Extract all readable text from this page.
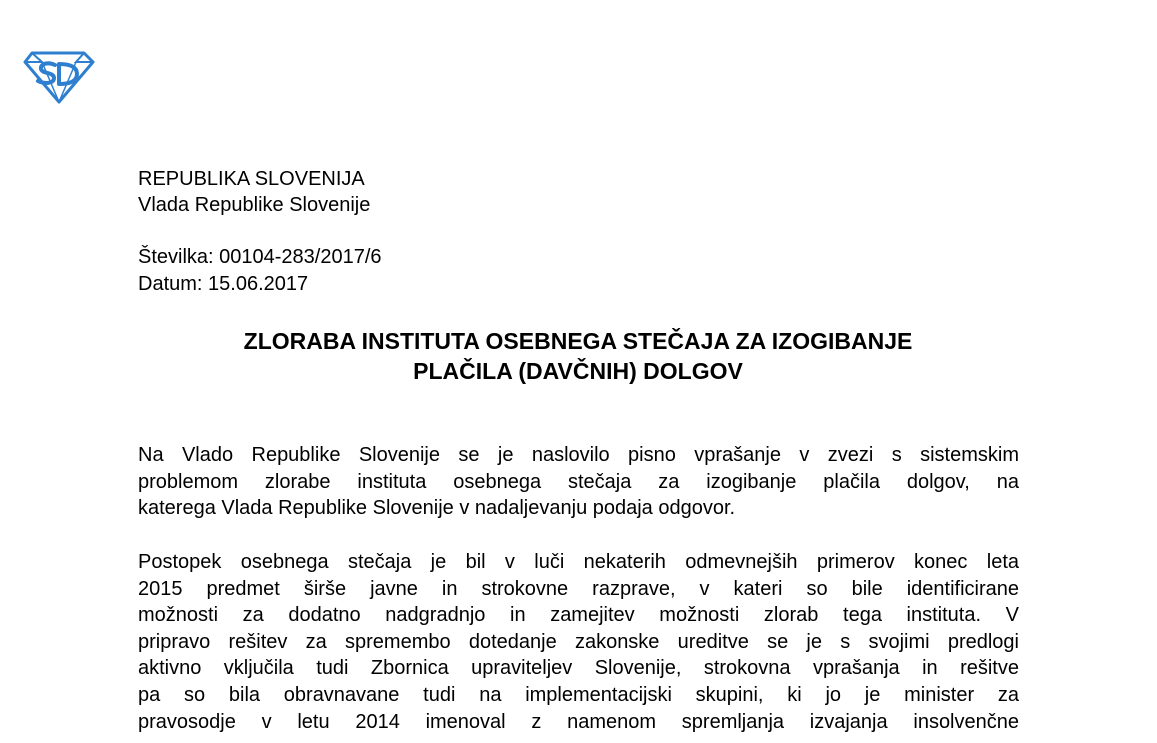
REPUBLIKA SLOVENIJA
Vlada Republike Slovenije
Številka: 00104-283/2017/6
Datum: 15.06.2017
ZLORABA INSTITUTA OSEBNEGA STEČAJA ZA IZOGIBANJE
PLAČILA (DAVČNIH) DOLGOV
Na Vlado Republike Slovenije se je naslovilo pisno vprašanje v zvezi s sistemskim
problemom zlorabe instituta osebnega stečaja za izogibanje plačila dolgov, na
katerega Vlada Republike Slovenije v nadaljevanju podaja odgovor.
Postopek osebnega stečaja je bil v luči nekaterih odmevnejših primerov konec leta
2015 predmet širše javne in strokovne razprave, v kateri so bile identificirane
možnosti za dodatno nadgradnjo in zamejitev možnosti zlorab tega instituta. V
pripravo rešitev za spremembo dotedanje zakonske ureditve se je s svojimi predlogi
aktivno vključila tudi Zbornica upraviteljev Slovenije, strokovna vprašanja in rešitve
pa so bila obravnavane tudi na implementacijski skupini, ki jo je minister za
pravosodje v letu 2014 imenoval z namenom spremljanja izvajanja insolvenčne
